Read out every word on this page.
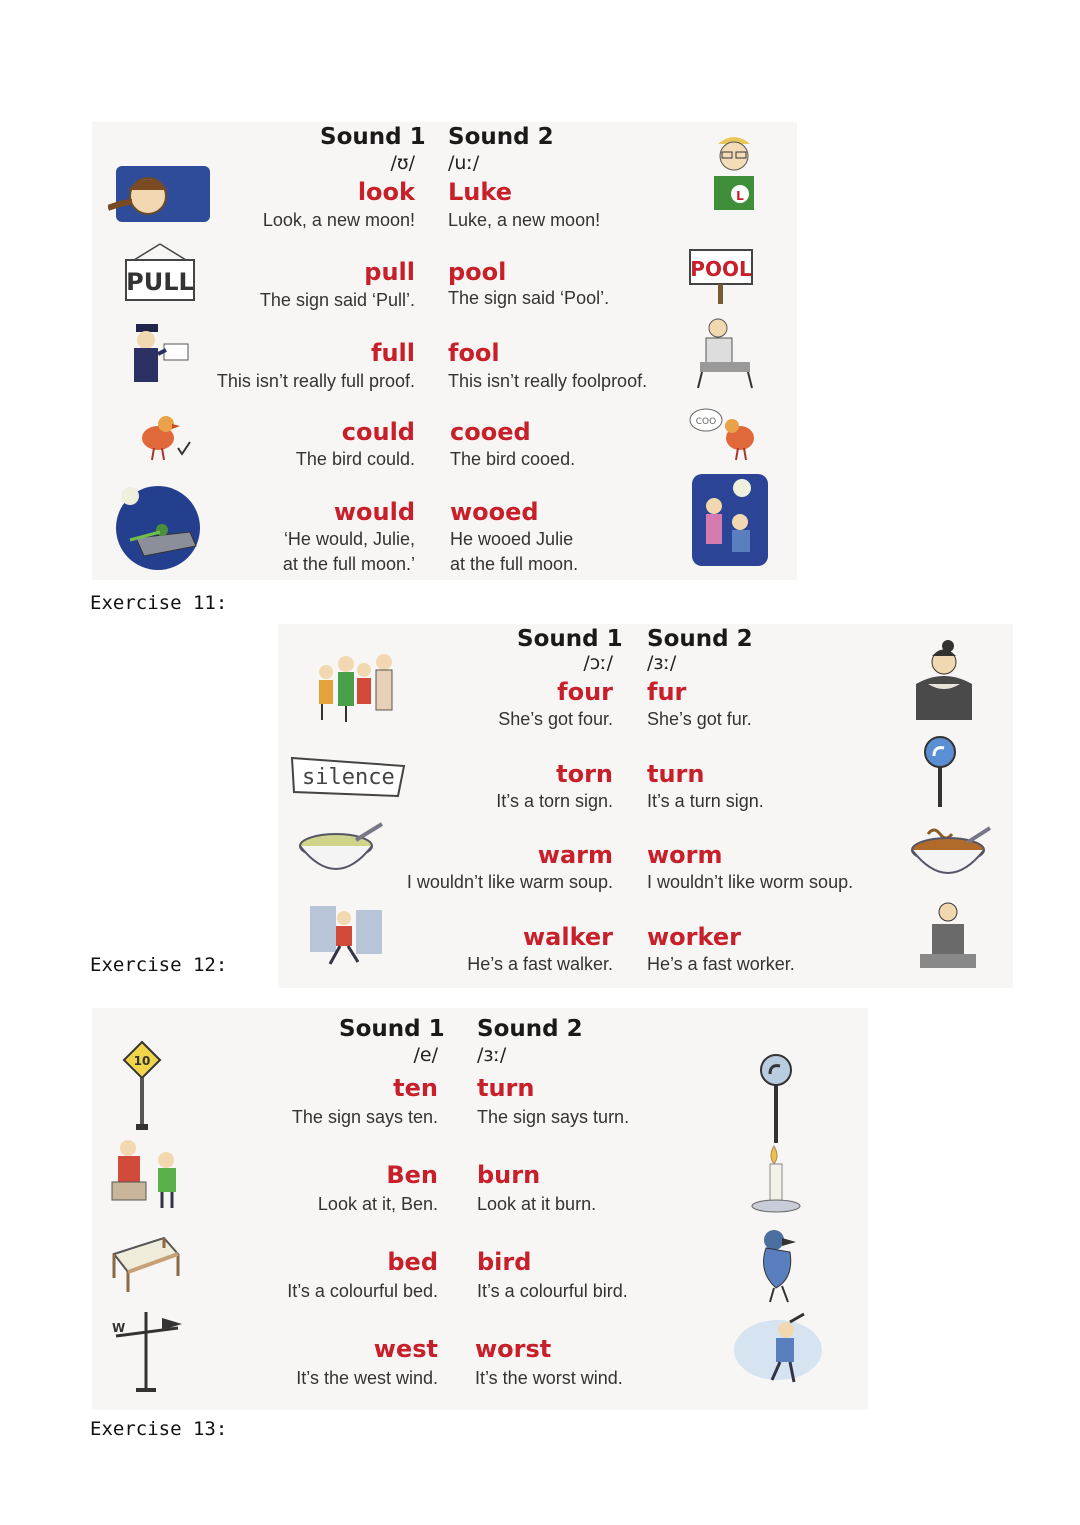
Sound 1 Sound 2
/ʊ/ /uː/
look Luke
Look, a new moon! Luke, a new moon!
pull pool
The sign said ‘Pull’. The sign said ‘Pool’.
full fool
This isn’t really full proof. This isn’t really foolproof.
could cooed
The bird could. The bird cooed.
would wooed
‘He would, Julie,
at the full moon.’
He wooed Julie
at the full moon.
PULL
L
POOL
COO
Exercise 11:
Sound 1 Sound 2
/ɔː/ /ɜː/
four fur
She’s got four. She’s got fur.
torn turn
It’s a torn sign. It’s a turn sign.
warm worm
I wouldn’t like warm soup. I wouldn’t like worm soup.
walker worker
He’s a fast walker. He’s a fast worker.
silence
Exercise 12:
Sound 1 Sound 2
/e/ /ɜː/
ten turn
The sign says ten. The sign says turn.
Ben burn
Look at it, Ben. Look at it burn.
bed bird
It’s a colourful bed. It’s a colourful bird.
west worst
It’s the west wind. It’s the worst wind.
10
W
Exercise 13:
